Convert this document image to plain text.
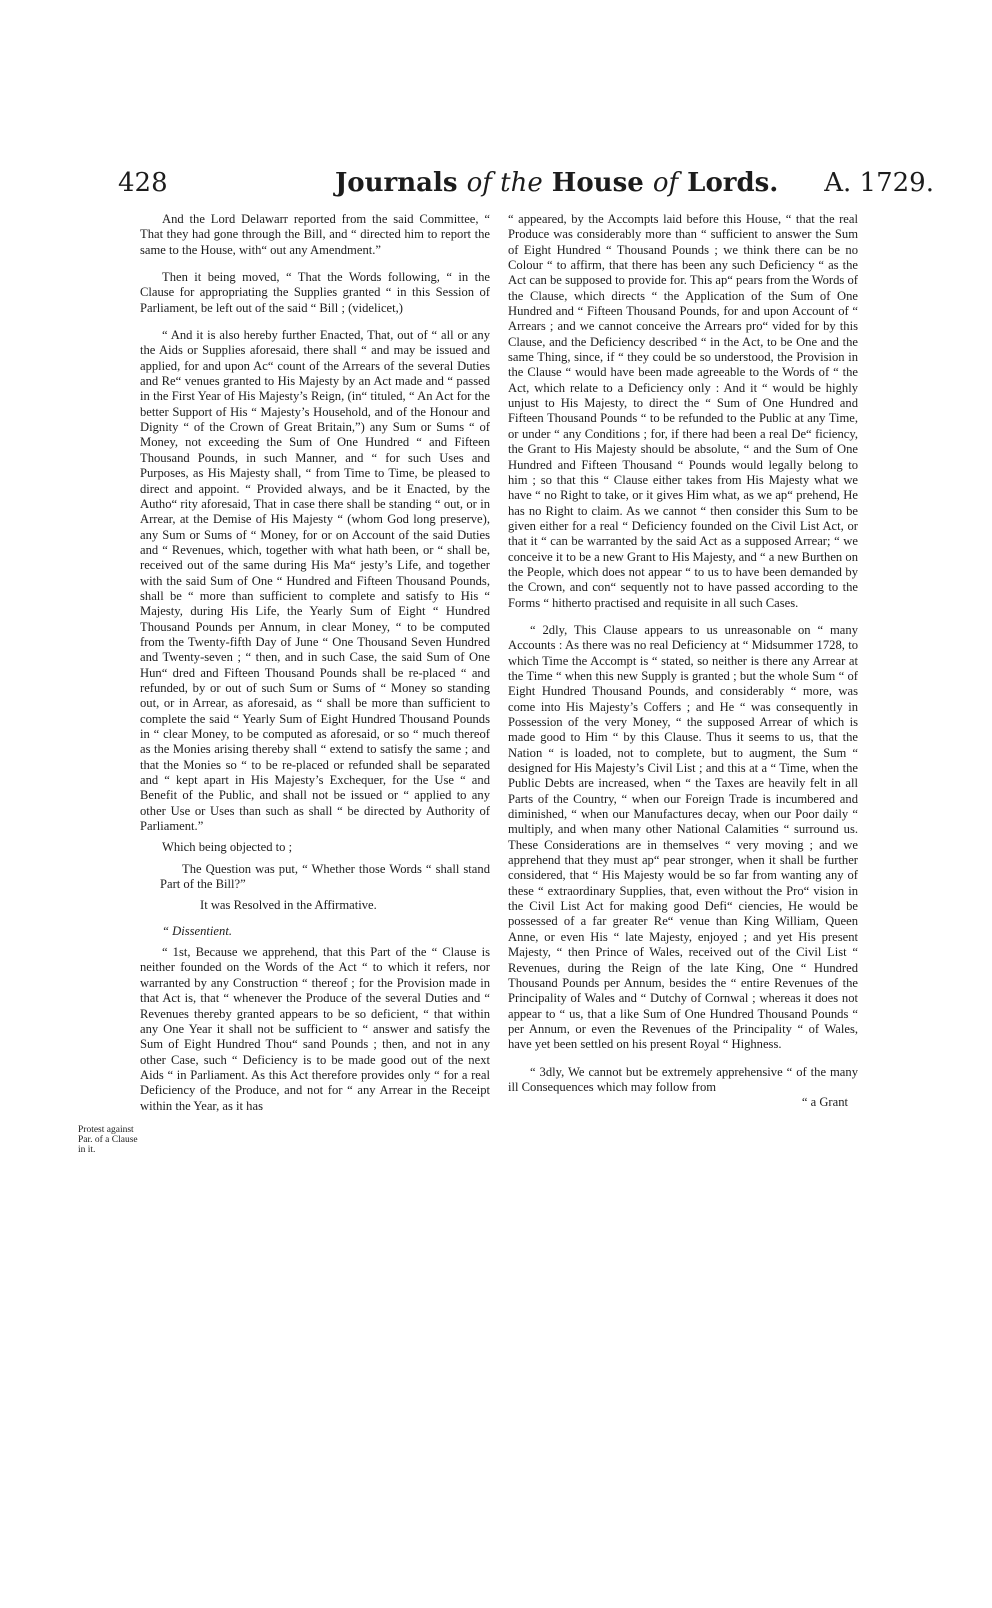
428	Journals of the House of Lords. A. 1729.
Protest against Par. of a Clause in it.

And the Lord Delawarr reported from the said Committee, “ That they had gone through the Bill, and “ directed him to report the same to the House, with“ out any Amendment.”

Then it being moved, “ That the Words following, “ in the Clause for appropriating the Supplies granted “ in this Session of Parliament, be left out of the said “ Bill ; (videlicet,)

“ And it is also hereby further Enacted, That, out of “ all or any the Aids or Supplies aforesaid, there shall “ and may be issued and applied, for and upon Ac“ count of the Arrears of the several Duties and Re“ venues granted to His Majesty by an Act made and “ passed in the First Year of His Majesty’s Reign, (in“ tituled, “ An Act for the better Support of His “ Majesty’s Household, and of the Honour and Dignity “ of the Crown of Great Britain,”) any Sum or Sums “ of Money, not exceeding the Sum of One Hundred “ and Fifteen Thousand Pounds, in such Manner, and “ for such Uses and Purposes, as His Majesty shall, “ from Time to Time, be pleased to direct and appoint. “ Provided always, and be it Enacted, by the Autho“ rity aforesaid, That in case there shall be standing “ out, or in Arrear, at the Demise of His Majesty “ (whom God long preserve), any Sum or Sums of “ Money, for or on Account of the said Duties and “ Revenues, which, together with what hath been, or “ shall be, received out of the same during His Ma“ jesty’s Life, and together with the said Sum of One “ Hundred and Fifteen Thousand Pounds, shall be “ more than sufficient to complete and satisfy to His “ Majesty, during His Life, the Yearly Sum of Eight “ Hundred Thousand Pounds per Annum, in clear Money, “ to be computed from the Twenty-fifth Day of June “ One Thousand Seven Hundred and Twenty-seven ; “ then, and in such Case, the said Sum of One Hun“ dred and Fifteen Thousand Pounds shall be re-placed “ and refunded, by or out of such Sum or Sums of “ Money so standing out, or in Arrear, as aforesaid, as “ shall be more than sufficient to complete the said “ Yearly Sum of Eight Hundred Thousand Pounds in “ clear Money, to be computed as aforesaid, or so “ much thereof as the Monies arising thereby shall “ extend to satisfy the same ; and that the Monies so “ to be re-placed or refunded shall be separated and “ kept apart in His Majesty’s Exchequer, for the Use “ and Benefit of the Public, and shall not be issued or “ applied to any other Use or Uses than such as shall “ be directed by Authority of Parliament.”

Which being objected to ;

The Question was put, “ Whether those Words “ shall stand Part of the Bill?”

It was Resolved in the Affirmative.

“ Dissentient.

“ 1st, Because we apprehend, that this Part of the “ Clause is neither founded on the Words of the Act “ to which it refers, nor warranted by any Construction “ thereof ; for the Provision made in that Act is, that “ whenever the Produce of the several Duties and “ Revenues thereby granted appears to be so deficient, “ that within any One Year it shall not be sufficient to “ answer and satisfy the Sum of Eight Hundred Thou“ sand Pounds ; then, and not in any other Case, such “ Deficiency is to be made good out of the next Aids “ in Parliament. As this Act therefore provides only “ for a real Deficiency of the Produce, and not for “ any Arrear in the Receipt within the Year, as it has

“ appeared, by the Accompts laid before this House, “ that the real Produce was considerably more than “ sufficient to answer the Sum of Eight Hundred “ Thousand Pounds ; we think there can be no Colour “ to affirm, that there has been any such Deficiency “ as the Act can be supposed to provide for. This ap“ pears from the Words of the Clause, which directs “ the Application of the Sum of One Hundred and “ Fifteen Thousand Pounds, for and upon Account of “ Arrears ; and we cannot conceive the Arrears pro“ vided for by this Clause, and the Deficiency described “ in the Act, to be One and the same Thing, since, if “ they could be so understood, the Provision in the Clause “ would have been made agreeable to the Words of “ the Act, which relate to a Deficiency only : And it “ would be highly unjust to His Majesty, to direct the “ Sum of One Hundred and Fifteen Thousand Pounds “ to be refunded to the Public at any Time, or under “ any Conditions ; for, if there had been a real De“ ficiency, the Grant to His Majesty should be absolute, “ and the Sum of One Hundred and Fifteen Thousand “ Pounds would legally belong to him ; so that this “ Clause either takes from His Majesty what we have “ no Right to take, or it gives Him what, as we ap“ prehend, He has no Right to claim. As we cannot “ then consider this Sum to be given either for a real “ Deficiency founded on the Civil List Act, or that it “ can be warranted by the said Act as a supposed Arrear; “ we conceive it to be a new Grant to His Majesty, and “ a new Burthen on the People, which does not appear “ to us to have been demanded by the Crown, and con“ sequently not to have passed according to the Forms “ hitherto practised and requisite in all such Cases.

“ 2dly, This Clause appears to us unreasonable on “ many Accounts : As there was no real Deficiency at “ Midsummer 1728, to which Time the Accompt is “ stated, so neither is there any Arrear at the Time “ when this new Supply is granted ; but the whole Sum “ of Eight Hundred Thousand Pounds, and considerably “ more, was come into His Majesty’s Coffers ; and He “ was consequently in Possession of the very Money, “ the supposed Arrear of which is made good to Him “ by this Clause. Thus it seems to us, that the Nation “ is loaded, not to complete, but to augment, the Sum “ designed for His Majesty’s Civil List ; and this at a “ Time, when the Public Debts are increased, when “ the Taxes are heavily felt in all Parts of the Country, “ when our Foreign Trade is incumbered and diminished, “ when our Manufactures decay, when our Poor daily “ multiply, and when many other National Calamities “ surround us. These Considerations are in themselves “ very moving ; and we apprehend that they must ap“ pear stronger, when it shall be further considered, that “ His Majesty would be so far from wanting any of these “ extraordinary Supplies, that, even without the Pro“ vision in the Civil List Act for making good Defi“ ciencies, He would be possessed of a far greater Re“ venue than King William, Queen Anne, or even His “ late Majesty, enjoyed ; and yet His present Majesty, “ then Prince of Wales, received out of the Civil List “ Revenues, during the Reign of the late King, One “ Hundred Thousand Pounds per Annum, besides the “ entire Revenues of the Principality of Wales and “ Dutchy of Cornwal ; whereas it does not appear to “ us, that a like Sum of One Hundred Thousand Pounds “ per Annum, or even the Revenues of the Principality “ of Wales, have yet been settled on his present Royal “ Highness.

“ 3dly, We cannot but be extremely apprehensive “ of the many ill Consequences which may follow from

“ a Grant
